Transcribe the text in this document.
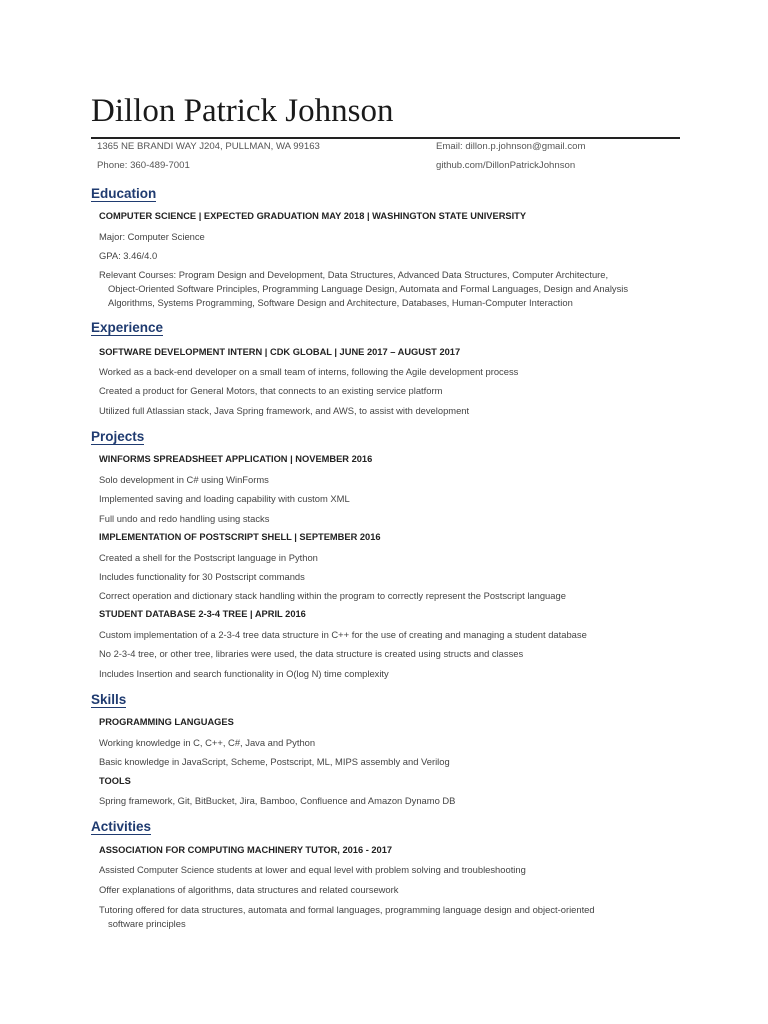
Dillon Patrick Johnson
1365 NE BRANDI WAY J204, PULLMAN, WA 99163
Phone: 360-489-7001
Email: dillon.p.johnson@gmail.com
github.com/DillonPatrickJohnson
Education
COMPUTER SCIENCE | EXPECTED GRADUATION MAY 2018 | WASHINGTON STATE UNIVERSITY
Major: Computer Science
GPA: 3.46/4.0
Relevant Courses: Program Design and Development, Data Structures, Advanced Data Structures, Computer Architecture,
Object-Oriented Software Principles, Programming Language Design, Automata and Formal Languages, Design and Analysis
Algorithms, Systems Programming, Software Design and Architecture, Databases, Human-Computer Interaction
Experience
SOFTWARE DEVELOPMENT INTERN | CDK GLOBAL | JUNE 2017 – AUGUST 2017
Worked as a back-end developer on a small team of interns, following the Agile development process
Created a product for General Motors, that connects to an existing service platform
Utilized full Atlassian stack, Java Spring framework, and AWS, to assist with development
Projects
WINFORMS SPREADSHEET APPLICATION | NOVEMBER 2016
Solo development in C# using WinForms
Implemented saving and loading capability with custom XML
Full undo and redo handling using stacks
IMPLEMENTATION OF POSTSCRIPT SHELL | SEPTEMBER 2016
Created a shell for the Postscript language in Python
Includes functionality for 30 Postscript commands
Correct operation and dictionary stack handling within the program to correctly represent the Postscript language
STUDENT DATABASE 2-3-4 TREE | APRIL 2016
Custom implementation of a 2-3-4 tree data structure in C++ for the use of creating and managing a student database
No 2-3-4 tree, or other tree, libraries were used, the data structure is created using structs and classes
Includes Insertion and search functionality in O(log N) time complexity
Skills
PROGRAMMING LANGUAGES
Working knowledge in C, C++, C#, Java and Python
Basic knowledge in JavaScript, Scheme, Postscript, ML, MIPS assembly and Verilog
TOOLS
Spring framework, Git, BitBucket, Jira, Bamboo, Confluence and Amazon Dynamo DB
Activities
ASSOCIATION FOR COMPUTING MACHINERY TUTOR, 2016 - 2017
Assisted Computer Science students at lower and equal level with problem solving and troubleshooting
Offer explanations of algorithms, data structures and related coursework
Tutoring offered for data structures, automata and formal languages, programming language design and object-oriented
software principles
